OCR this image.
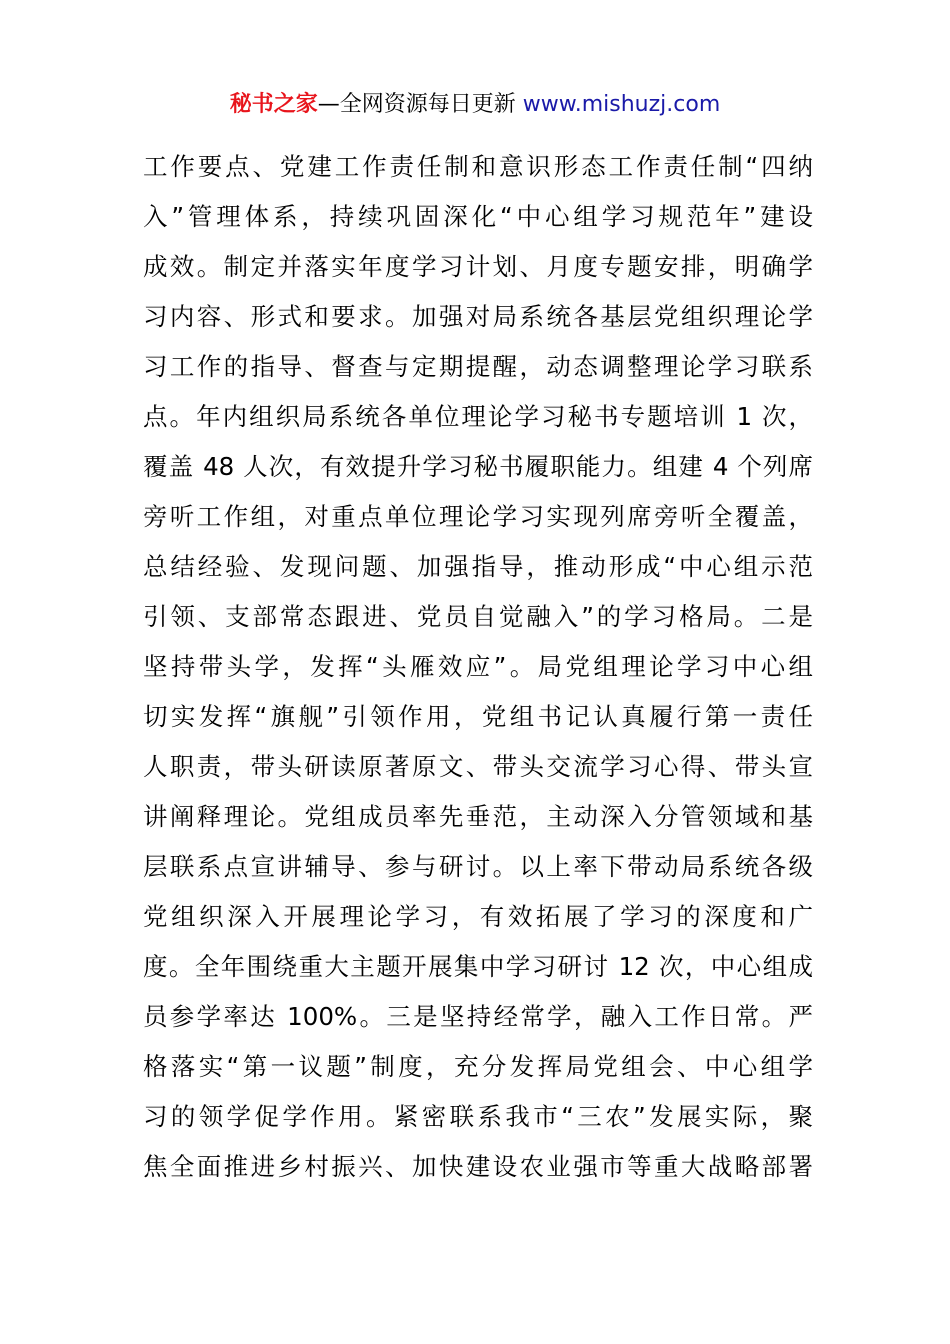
秘书之家—全网资源每日更新 www.mishuzj.com
工作要点、党建工作责任制和意识形态工作责任制“四纳
入”管理体系，持续巩固深化“中心组学习规范年”建设
成效。制定并落实年度学习计划、月度专题安排，明确学
习内容、形式和要求。加强对局系统各基层党组织理论学
习工作的指导、督查与定期提醒，动态调整理论学习联系
点。年内组织局系统各单位理论学习秘书专题培训 1 次，
覆盖 48 人次，有效提升学习秘书履职能力。组建 4 个列席
旁听工作组，对重点单位理论学习实现列席旁听全覆盖，
总结经验、发现问题、加强指导，推动形成“中心组示范
引领、支部常态跟进、党员自觉融入”的学习格局。二是
坚持带头学，发挥“头雁效应”。局党组理论学习中心组
切实发挥“旗舰”引领作用，党组书记认真履行第一责任
人职责，带头研读原著原文、带头交流学习心得、带头宣
讲阐释理论。党组成员率先垂范，主动深入分管领域和基
层联系点宣讲辅导、参与研讨。以上率下带动局系统各级
党组织深入开展理论学习，有效拓展了学习的深度和广
度。全年围绕重大主题开展集中学习研讨 12 次，中心组成
员参学率达 100%。三是坚持经常学，融入工作日常。严
格落实“第一议题”制度，充分发挥局党组会、中心组学
习的领学促学作用。紧密联系我市“三农”发展实际，聚
焦全面推进乡村振兴、加快建设农业强市等重大战略部署
